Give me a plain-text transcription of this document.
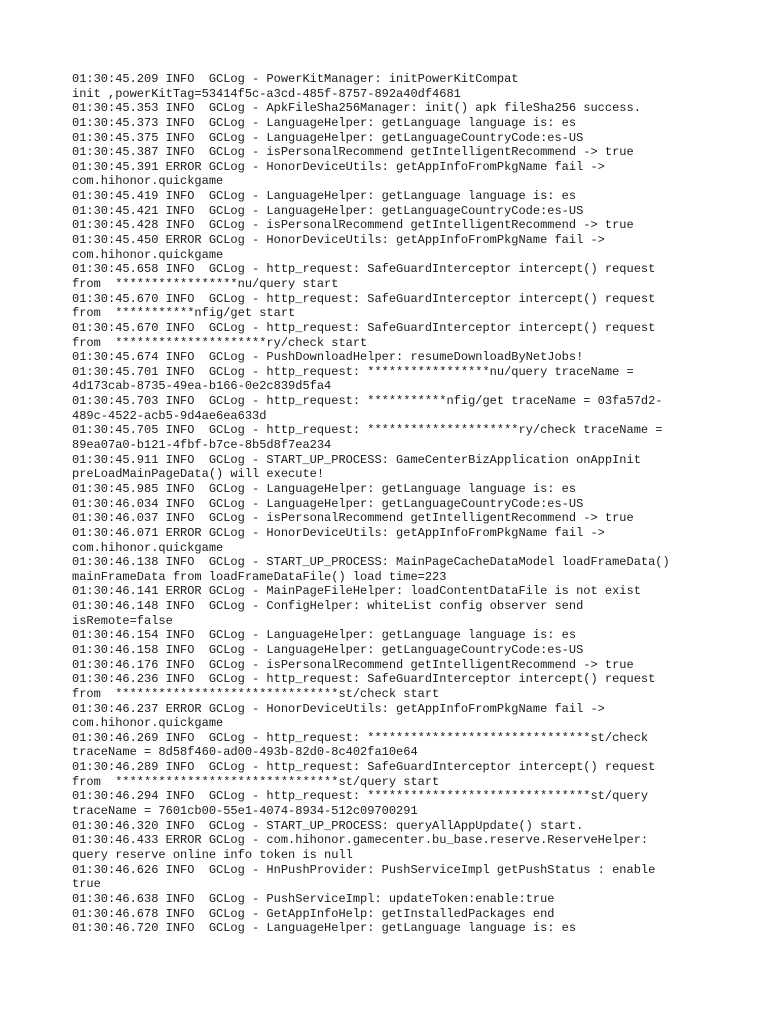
01:30:45.209 INFO  GCLog - PowerKitManager: initPowerKitCompat
init ,powerKitTag=53414f5c-a3cd-485f-8757-892a40df4681
01:30:45.353 INFO  GCLog - ApkFileSha256Manager: init() apk fileSha256 success.
01:30:45.373 INFO  GCLog - LanguageHelper: getLanguage language is: es
01:30:45.375 INFO  GCLog - LanguageHelper: getLanguageCountryCode:es-US
01:30:45.387 INFO  GCLog - isPersonalRecommend getIntelligentRecommend -> true
01:30:45.391 ERROR GCLog - HonorDeviceUtils: getAppInfoFromPkgName fail ->
com.hihonor.quickgame
01:30:45.419 INFO  GCLog - LanguageHelper: getLanguage language is: es
01:30:45.421 INFO  GCLog - LanguageHelper: getLanguageCountryCode:es-US
01:30:45.428 INFO  GCLog - isPersonalRecommend getIntelligentRecommend -> true
01:30:45.450 ERROR GCLog - HonorDeviceUtils: getAppInfoFromPkgName fail ->
com.hihonor.quickgame
01:30:45.658 INFO  GCLog - http_request: SafeGuardInterceptor intercept() request
from  *****************nu/query start
01:30:45.670 INFO  GCLog - http_request: SafeGuardInterceptor intercept() request
from  ***********nfig/get start
01:30:45.670 INFO  GCLog - http_request: SafeGuardInterceptor intercept() request
from  *********************ry/check start
01:30:45.674 INFO  GCLog - PushDownloadHelper: resumeDownloadByNetJobs!
01:30:45.701 INFO  GCLog - http_request: *****************nu/query traceName =
4d173cab-8735-49ea-b166-0e2c839d5fa4
01:30:45.703 INFO  GCLog - http_request: ***********nfig/get traceName = 03fa57d2-
489c-4522-acb5-9d4ae6ea633d
01:30:45.705 INFO  GCLog - http_request: *********************ry/check traceName =
89ea07a0-b121-4fbf-b7ce-8b5d8f7ea234
01:30:45.911 INFO  GCLog - START_UP_PROCESS: GameCenterBizApplication onAppInit
preLoadMainPageData() will execute!
01:30:45.985 INFO  GCLog - LanguageHelper: getLanguage language is: es
01:30:46.034 INFO  GCLog - LanguageHelper: getLanguageCountryCode:es-US
01:30:46.037 INFO  GCLog - isPersonalRecommend getIntelligentRecommend -> true
01:30:46.071 ERROR GCLog - HonorDeviceUtils: getAppInfoFromPkgName fail ->
com.hihonor.quickgame
01:30:46.138 INFO  GCLog - START_UP_PROCESS: MainPageCacheDataModel loadFrameData()
mainFrameData from loadFrameDataFile() load time=223
01:30:46.141 ERROR GCLog - MainPageFileHelper: loadContentDataFile is not exist
01:30:46.148 INFO  GCLog - ConfigHelper: whiteList config observer send
isRemote=false
01:30:46.154 INFO  GCLog - LanguageHelper: getLanguage language is: es
01:30:46.158 INFO  GCLog - LanguageHelper: getLanguageCountryCode:es-US
01:30:46.176 INFO  GCLog - isPersonalRecommend getIntelligentRecommend -> true
01:30:46.236 INFO  GCLog - http_request: SafeGuardInterceptor intercept() request
from  *******************************st/check start
01:30:46.237 ERROR GCLog - HonorDeviceUtils: getAppInfoFromPkgName fail ->
com.hihonor.quickgame
01:30:46.269 INFO  GCLog - http_request: *******************************st/check
traceName = 8d58f460-ad00-493b-82d0-8c402fa10e64
01:30:46.289 INFO  GCLog - http_request: SafeGuardInterceptor intercept() request
from  *******************************st/query start
01:30:46.294 INFO  GCLog - http_request: *******************************st/query
traceName = 7601cb00-55e1-4074-8934-512c09700291
01:30:46.320 INFO  GCLog - START_UP_PROCESS: queryAllAppUpdate() start.
01:30:46.433 ERROR GCLog - com.hihonor.gamecenter.bu_base.reserve.ReserveHelper:
query reserve online info token is null
01:30:46.626 INFO  GCLog - HnPushProvider: PushServiceImpl getPushStatus : enable
true
01:30:46.638 INFO  GCLog - PushServiceImpl: updateToken:enable:true
01:30:46.678 INFO  GCLog - GetAppInfoHelp: getInstalledPackages end
01:30:46.720 INFO  GCLog - LanguageHelper: getLanguage language is: es
